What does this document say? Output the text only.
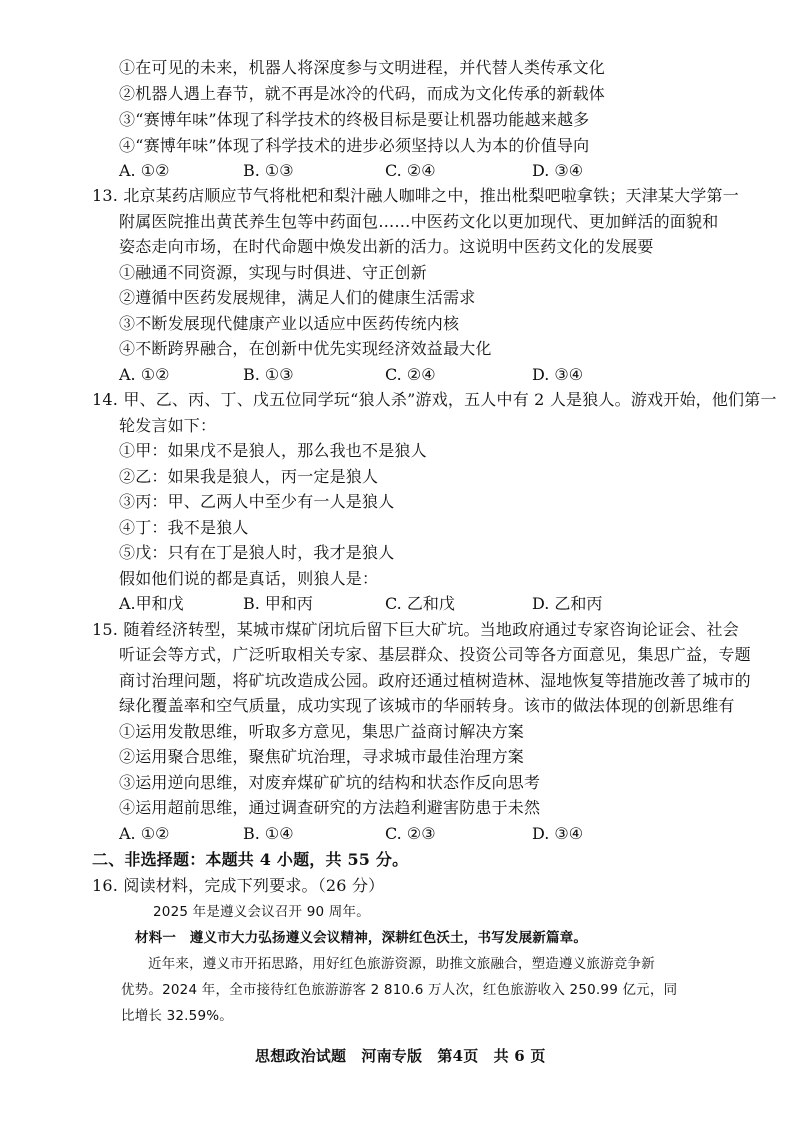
①在可见的未来，机器人将深度参与文明进程，并代替人类传承文化
②机器人遇上春节，就不再是冰冷的代码，而成为文化传承的新载体
③“赛博年味”体现了科学技术的终极目标是要让机器功能越来越多
④“赛博年味”体现了科学技术的进步必须坚持以人为本的价值导向
A. ①②	B. ①③	C. ②④	D. ③④
13. 北京某药店顺应节气将枇杷和梨汁融人咖啡之中，推出枇梨吧啦拿铁；天津某大学第一
附属医院推出黄芪养生包等中药面包……中医药文化以更加现代、更加鲜活的面貌和
姿态走向市场，在时代命题中焕发出新的活力。这说明中医药文化的发展要
①融通不同资源，实现与时俱进、守正创新
②遵循中医药发展规律，满足人们的健康生活需求
③不断发展现代健康产业以适应中医药传统内核
④不断跨界融合，在创新中优先实现经济效益最大化
A. ①②	B. ①③	C. ②④	D. ③④
14. 甲、乙、丙、丁、戊五位同学玩“狼人杀”游戏，五人中有 2 人是狼人。游戏开始，他们第一
轮发言如下：
①甲：如果戊不是狼人，那么我也不是狼人
②乙：如果我是狼人，丙一定是狼人
③丙：甲、乙两人中至少有一人是狼人
④丁：我不是狼人
⑤戊：只有在丁是狼人时，我才是狼人
假如他们说的都是真话，则狼人是：
A.甲和戊	B. 甲和丙	C. 乙和戊	D. 乙和丙
15. 随着经济转型，某城市煤矿闭坑后留下巨大矿坑。当地政府通过专家咨询论证会、社会
听证会等方式，广泛听取相关专家、基层群众、投资公司等各方面意见，集思广益，专题
商讨治理问题，将矿坑改造成公园。政府还通过植树造林、湿地恢复等措施改善了城市的
绿化覆盖率和空气质量，成功实现了该城市的华丽转身。该市的做法体现的创新思维有
①运用发散思维，听取多方意见，集思广益商讨解决方案
②运用聚合思维，聚焦矿坑治理，寻求城市最佳治理方案
③运用逆向思维，对废弃煤矿矿坑的结构和状态作反向思考
④运用超前思维，通过调查研究的方法趋利避害防患于未然
A. ①②	B. ①④	C. ②③	D. ③④
二、非选择题：本题共 4 小题，共 55 分。
16. 阅读材料，完成下列要求。（26 分）
2025 年是遵义会议召开 90 周年。
材料一　遵义市大力弘扬遵义会议精神，深耕红色沃土，书写发展新篇章。
近年来，遵义市开拓思路，用好红色旅游资源，助推文旅融合，塑造遵义旅游竞争新
优势。2024 年，全市接待红色旅游游客 2 810.6 万人次，红色旅游收入 250.99 亿元，同
比增长 32.59%。
思想政治试题　河南专版　第4页　共 6 页
